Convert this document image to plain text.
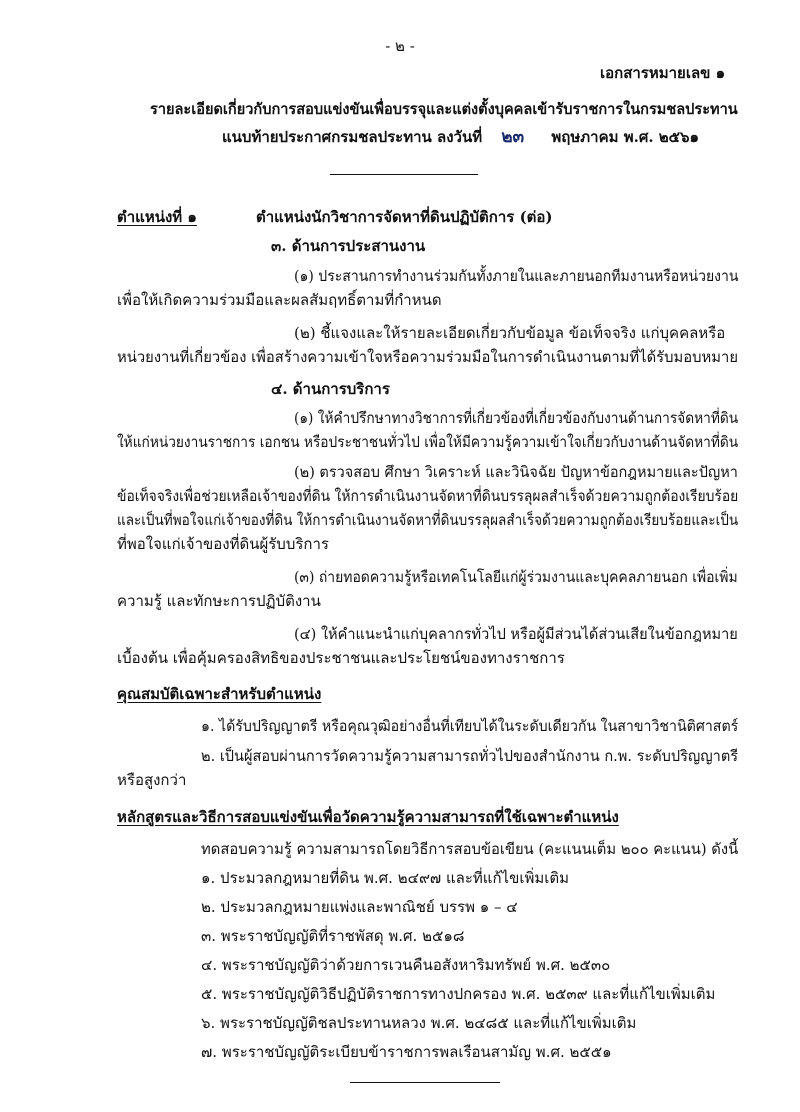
- ๒ -
เอกสารหมายเลข ๑
รายละเอียดเกี่ยวกับการสอบแข่งขันเพื่อบรรจุและแต่งตั้งบุคคลเข้ารับราชการในกรมชลประทาน
แนบท้ายประกาศกรมชลประทาน ลงวันที่ ๒๓ พฤษภาคม พ.ศ. ๒๕๖๑
ตำแหน่งที่ ๑	ตำแหน่งนักวิชาการจัดหาที่ดินปฏิบัติการ (ต่อ)
๓. ด้านการประสานงาน
(๑) ประสานการทำงานร่วมกันทั้งภายในและภายนอกทีมงานหรือหน่วยงาน
เพื่อให้เกิดความร่วมมือและผลสัมฤทธิ์ตามที่กำหนด
(๒) ชี้แจงและให้รายละเอียดเกี่ยวกับข้อมูล ข้อเท็จจริง แก่บุคคลหรือ
หน่วยงานที่เกี่ยวข้อง เพื่อสร้างความเข้าใจหรือความร่วมมือในการดำเนินงานตามที่ได้รับมอบหมาย
๔. ด้านการบริการ
(๑) ให้คำปรึกษาทางวิชาการที่เกี่ยวข้องที่เกี่ยวข้องกับงานด้านการจัดหาที่ดิน
ให้แก่หน่วยงานราชการ เอกชน หรือประชาชนทั่วไป เพื่อให้มีความรู้ความเข้าใจเกี่ยวกับงานด้านจัดหาที่ดิน
(๒) ตรวจสอบ ศึกษา วิเคราะห์ และวินิจฉัย ปัญหาข้อกฎหมายและปัญหา
ข้อเท็จจริงเพื่อช่วยเหลือเจ้าของที่ดิน ให้การดำเนินงานจัดหาที่ดินบรรลุผลสำเร็จด้วยความถูกต้องเรียบร้อย
และเป็นที่พอใจแก่เจ้าของที่ดิน ให้การดำเนินงานจัดหาที่ดินบรรลุผลสำเร็จด้วยความถูกต้องเรียบร้อยและเป็น
ที่พอใจแก่เจ้าของที่ดินผู้รับบริการ
(๓) ถ่ายทอดความรู้หรือเทคโนโลยีแก่ผู้ร่วมงานและบุคคลภายนอก เพื่อเพิ่ม
ความรู้ และทักษะการปฏิบัติงาน
(๔) ให้คำแนะนำแก่บุคลากรทั่วไป หรือผู้มีส่วนได้ส่วนเสียในข้อกฎหมาย
เบื้องต้น เพื่อคุ้มครองสิทธิของประชาชนและประโยชน์ของทางราชการ
คุณสมบัติเฉพาะสำหรับตำแหน่ง
๑. ได้รับปริญญาตรี หรือคุณวุฒิอย่างอื่นที่เทียบได้ในระดับเดียวกัน ในสาขาวิชานิติศาสตร์
๒. เป็นผู้สอบผ่านการวัดความรู้ความสามารถทั่วไปของสำนักงาน ก.พ. ระดับปริญญาตรี
หรือสูงกว่า
หลักสูตรและวิธีการสอบแข่งขันเพื่อวัดความรู้ความสามารถที่ใช้เฉพาะตำแหน่ง
ทดสอบความรู้ ความสามารถโดยวิธีการสอบข้อเขียน (คะแนนเต็ม ๒๐๐ คะแนน) ดังนี้
๑. ประมวลกฎหมายที่ดิน พ.ศ. ๒๔๙๗ และที่แก้ไขเพิ่มเติม
๒. ประมวลกฎหมายแพ่งและพาณิชย์ บรรพ ๑ – ๔
๓. พระราชบัญญัติที่ราชพัสดุ พ.ศ. ๒๕๑๘
๔. พระราชบัญญัติว่าด้วยการเวนคืนอสังหาริมทรัพย์ พ.ศ. ๒๕๓๐
๕. พระราชบัญญัติวิธีปฏิบัติราชการทางปกครอง พ.ศ. ๒๕๓๙ และที่แก้ไขเพิ่มเติม
๖. พระราชบัญญัติชลประทานหลวง พ.ศ. ๒๔๘๕ และที่แก้ไขเพิ่มเติม
๗. พระราชบัญญัติระเบียบข้าราชการพลเรือนสามัญ พ.ศ. ๒๕๕๑
